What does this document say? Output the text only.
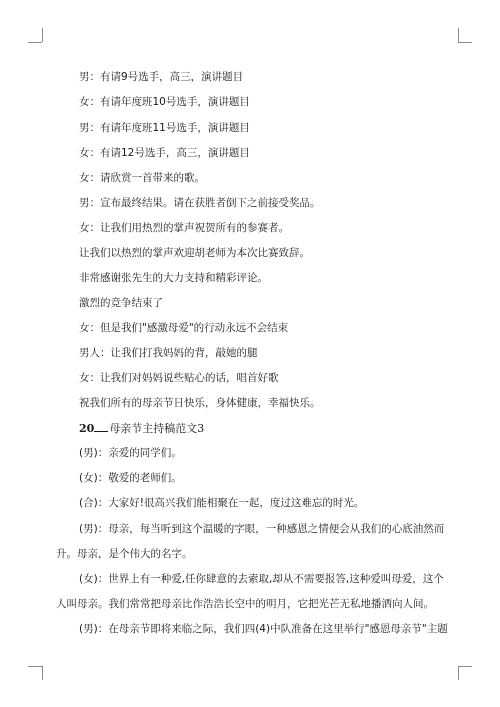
男：有请9号选手，高三，演讲题目
女：有请年度班10号选手，演讲题目
男：有请年度班11号选手，演讲题目
女：有请12号选手，高三，演讲题目
女：请欣赏一首带来的歌。
男：宣布最终结果。请在获胜者倒下之前接受奖品。
女：让我们用热烈的掌声祝贺所有的参赛者。
让我们以热烈的掌声欢迎胡老师为本次比赛致辞。
非常感谢张先生的大力支持和精彩评论。
激烈的竞争结束了
女：但是我们"感激母爱"的行动永远不会结束
男人：让我们打我妈妈的背，敲她的腿
女：让我们对妈妈说些贴心的话，唱首好歌
祝我们所有的母亲节日快乐，身体健康，幸福快乐。
20 母亲节主持稿范文3
(男)：亲爱的同学们。
(女)：敬爱的老师们。
(合)：大家好!很高兴我们能相聚在一起，度过这难忘的时光。
(男)：母亲，每当听到这个温暖的字眼，一种感恩之情便会从我们的心底油然而
升。母亲，是个伟大的名字。
(女)：世界上有一种爱,任你肆意的去索取,却从不需要报答,这种爱叫母爱，这个
人叫母亲。我们常常把母亲比作浩浩长空中的明月，它把光芒无私地播洒向人间。
(男)：在母亲节即将来临之际，我们四(4)中队准备在这里举行"感恩母亲节"主题
